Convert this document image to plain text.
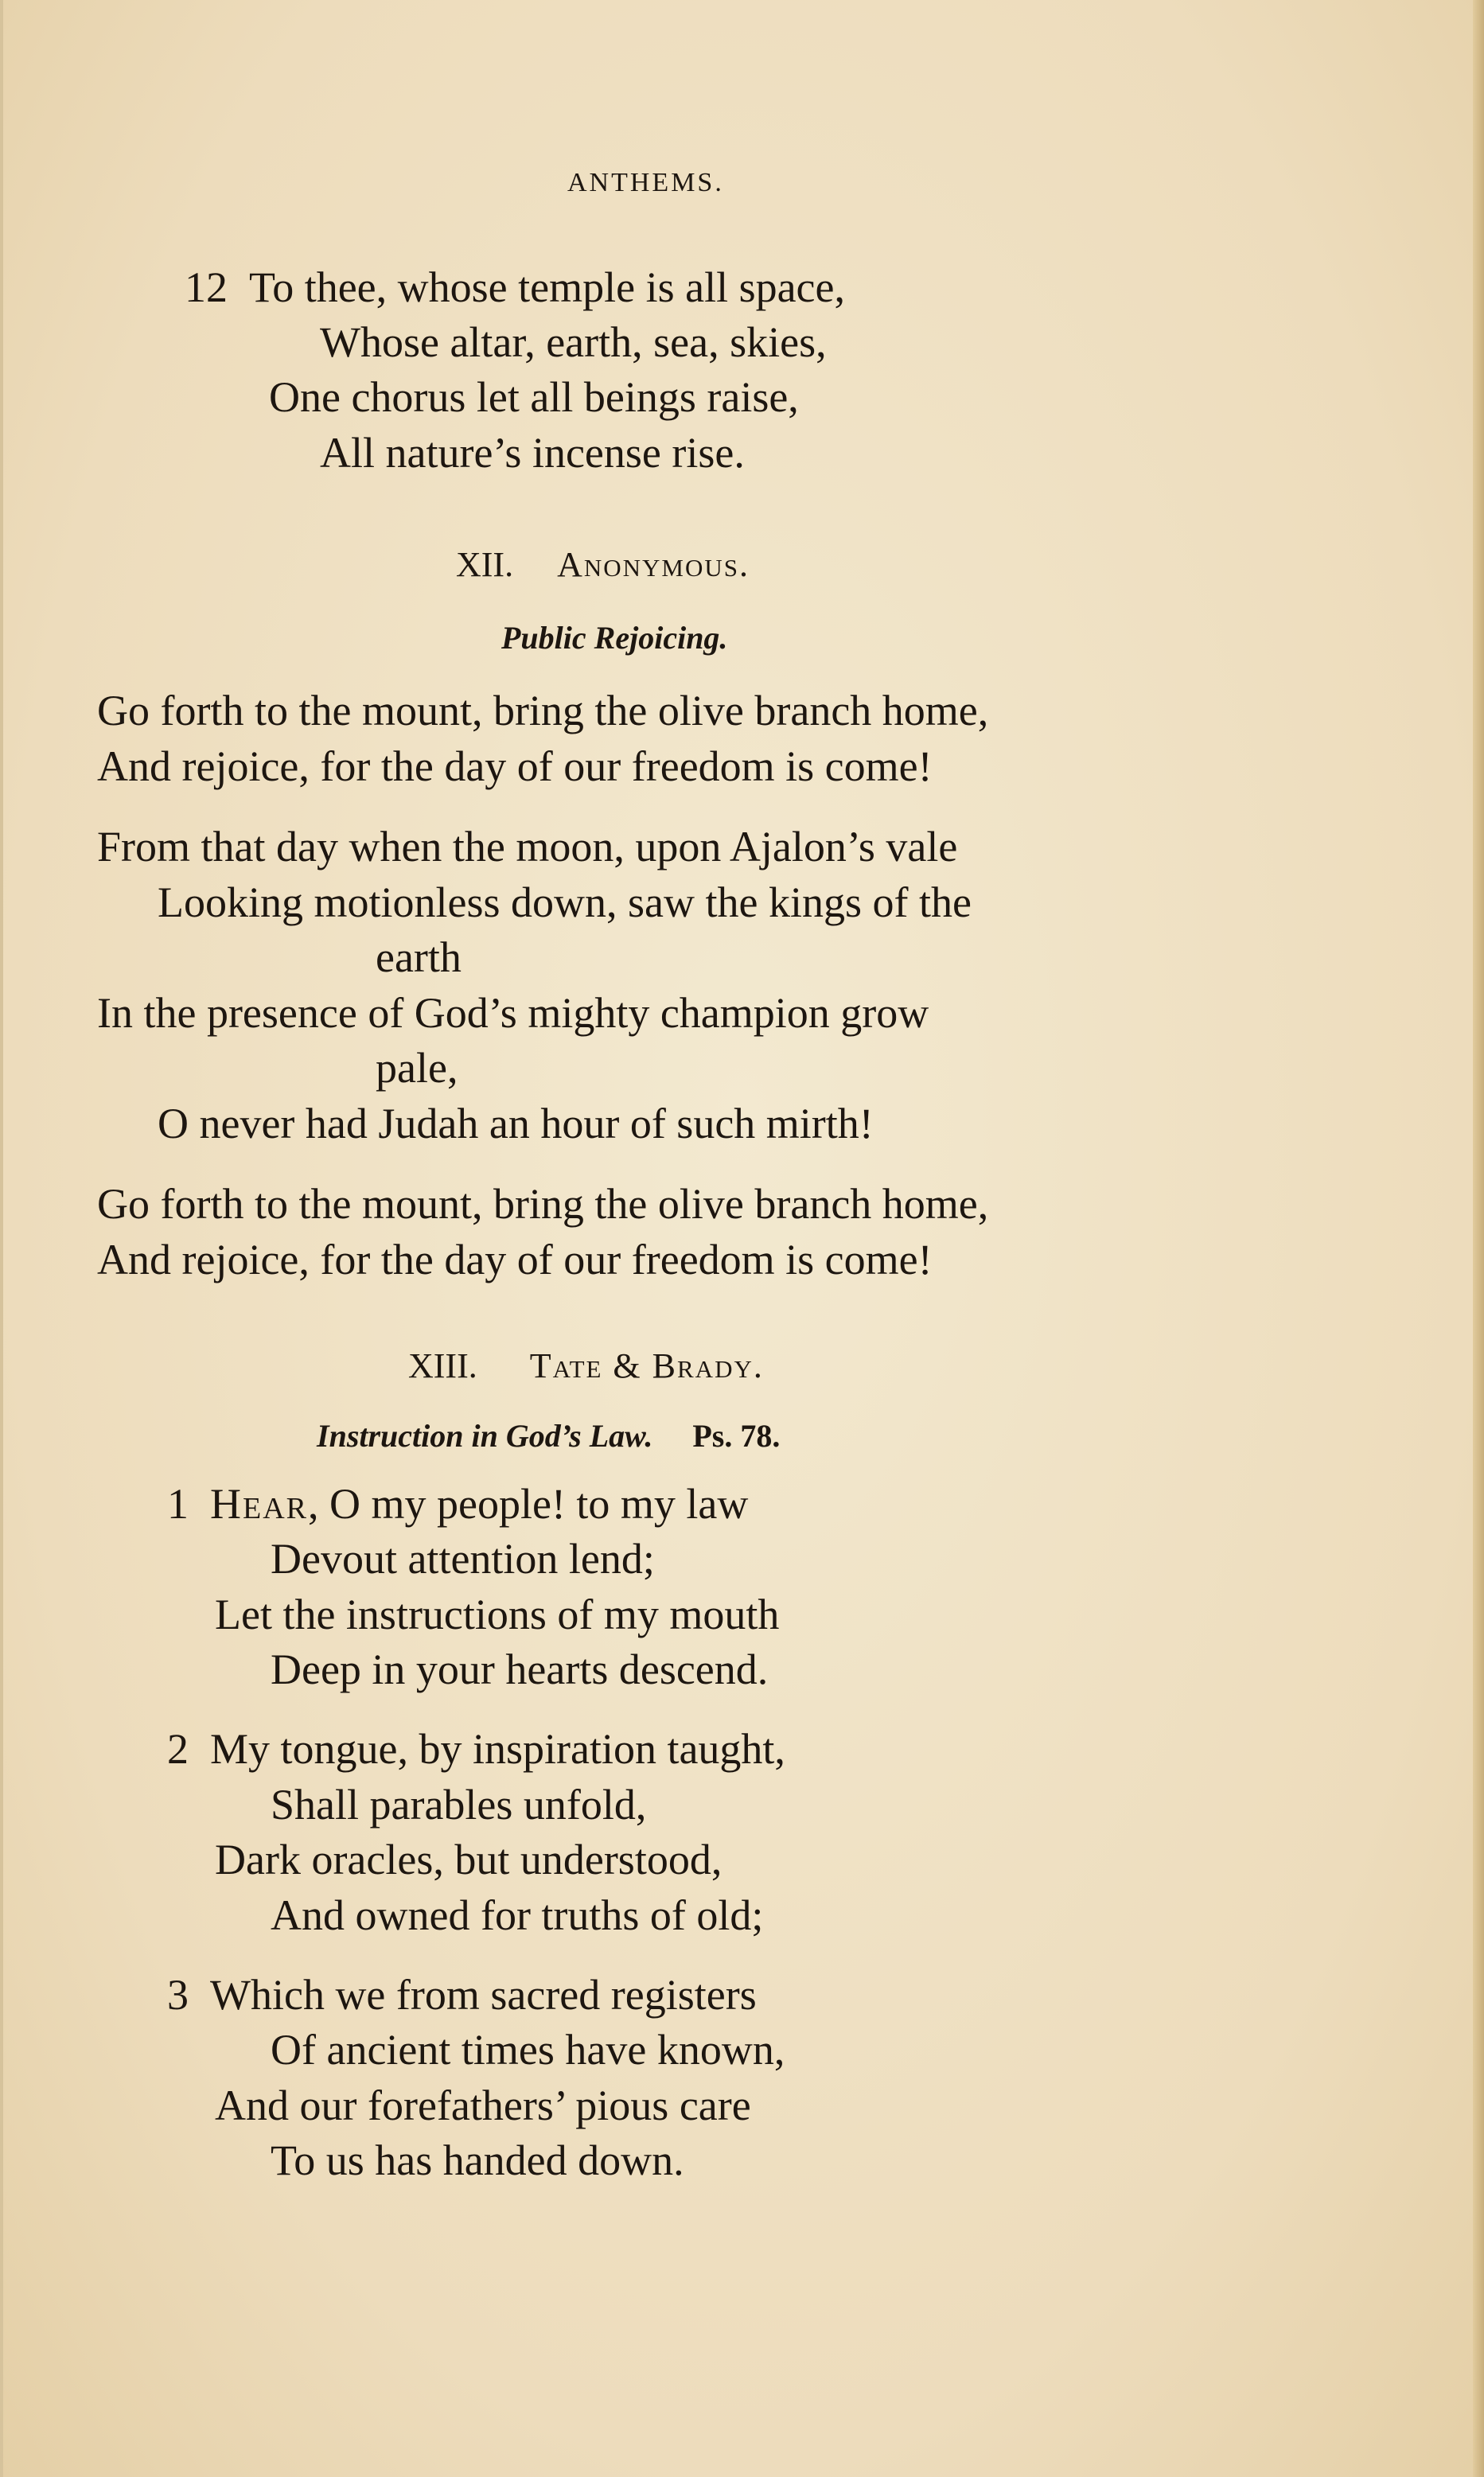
ANTHEMS.
12 To thee, whose temple is all space,
Whose altar, earth, sea, skies,
One chorus let all beings raise,
All nature’s incense rise.
XII. Anonymous.
Public Rejoicing.
Go forth to the mount, bring the olive branch home,
And rejoice, for the day of our freedom is come!
From that day when the moon, upon Ajalon’s vale
Looking motionless down, saw the kings of the
earth
In the presence of God’s mighty champion grow
pale,
O never had Judah an hour of such mirth!
Go forth to the mount, bring the olive branch home,
And rejoice, for the day of our freedom is come!
XIII. Tate & Brady.
Instruction in God’s Law. Ps. 78.
1 Hear, O my people! to my law
Devout attention lend;
Let the instructions of my mouth
Deep in your hearts descend.
2 My tongue, by inspiration taught,
Shall parables unfold,
Dark oracles, but understood,
And owned for truths of old;
3 Which we from sacred registers
Of ancient times have known,
And our forefathers’ pious care
To us has handed down.
